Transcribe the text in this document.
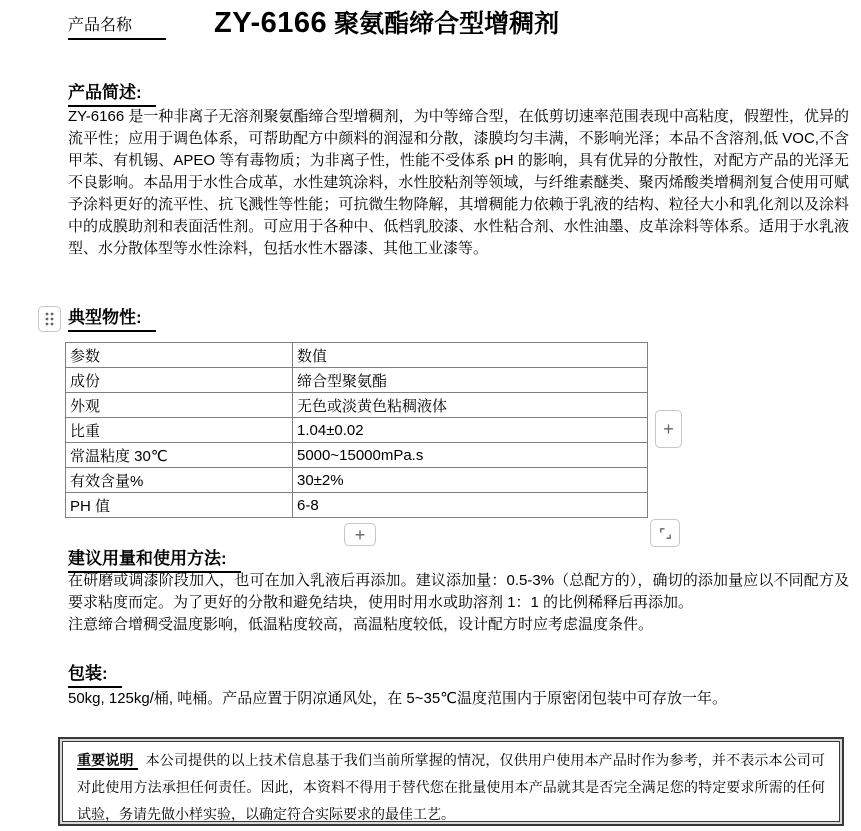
产品名称	ZY-6166 聚氨酯缔合型增稠剂
产品简述:

ZY-6166 是一种非离子无溶剂聚氨酯缔合型增稠剂，为中等缔合型，在低剪切速率范围表现中高粘度，假塑性，优异的流平性；应用于调色体系，可帮助配方中颜料的润湿和分散，漆膜均匀丰满，不影响光泽；本品不含溶剂,低 VOC,不含甲苯、有机锡、APEO 等有毒物质；为非离子性，性能不受体系 pH 的影响，具有优异的分散性，对配方产品的光泽无不良影响。本品用于水性合成革，水性建筑涂料，水性胶粘剂等领域，与纤维素醚类、聚丙烯酸类增稠剂复合使用可赋予涂料更好的流平性、抗飞溅性等性能；可抗微生物降解，其增稠能力依赖于乳液的结构、粒径大小和乳化剂以及涂料中的成膜助剂和表面活性剂。可应用于各种中、低档乳胶漆、水性粘合剂、水性油墨、皮革涂料等体系。适用于水乳液型、水分散体型等水性涂料，包括水性木器漆、其他工业漆等。

典型物性:
参数	数值
成份	缔合型聚氨酯
外观	无色或淡黄色粘稠液体
比重	1.04±0.02
常温粘度 30℃	5000~15000mPa.s
有效含量%	30±2%
PH 值	6-8
+
+
建议用量和使用方法:

在研磨或调漆阶段加入，也可在加入乳液后再添加。建议添加量：0.5-3%（总配方的），确切的添加量应以不同配方及要求粘度而定。为了更好的分散和避免结块，使用时用水或助溶剂 1：1 的比例稀释后再添加。

注意缔合增稠受温度影响，低温粘度较高，高温粘度较低，设计配方时应考虑温度条件。

包装:

50kg, 125kg/桶, 吨桶。产品应置于阴凉通风处，在 5~35℃温度范围内于原密闭包装中可存放一年。

重要说明 本公司提供的以上技术信息基于我们当前所掌握的情况，仅供用户使用本产品时作为参考，并不表示本公司可对此使用方法承担任何责任。因此，本资料不得用于替代您在批量使用本产品就其是否完全满足您的特定要求所需的任何试验，务请先做小样实验，以确定符合实际要求的最佳工艺。
